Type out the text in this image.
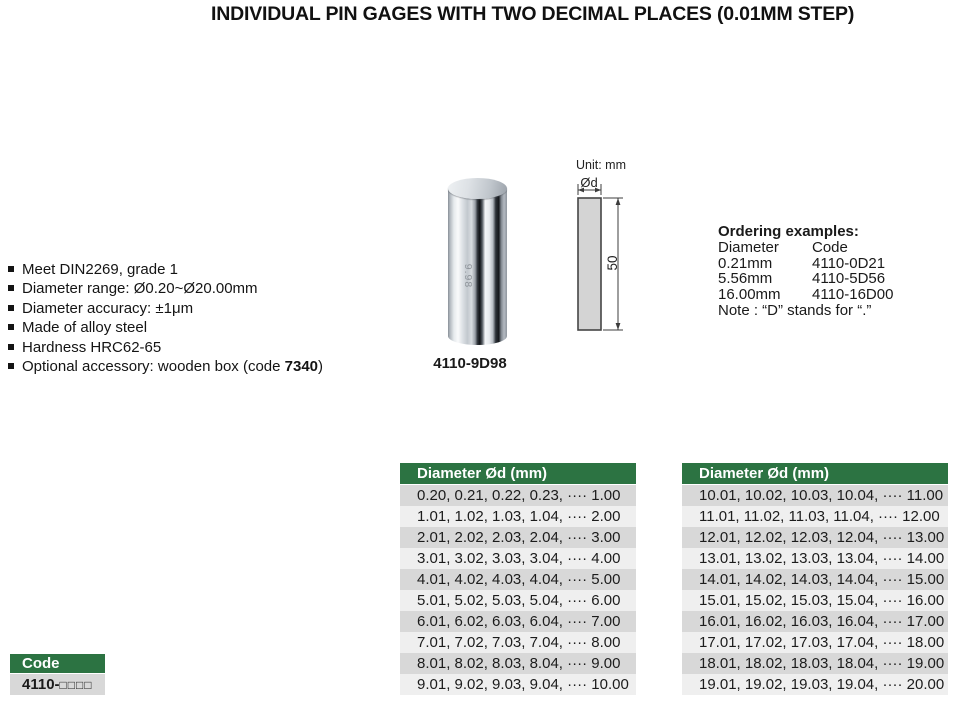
INDIVIDUAL PIN GAGES WITH TWO DECIMAL PLACES (0.01MM STEP)
Meet DIN2269, grade 1
Diameter range: Ø0.20~Ø20.00mm
Diameter accuracy: ±1μm
Made of alloy steel
Hardness HRC62-65
Optional accessory: wooden box (code 7340)
9.98
4110-9D98
Unit: mm
Ød
50
Ordering examples:
Diameter	Code
0.21mm	4110-0D21
5.56mm	4110-5D56
16.00mm	4110-16D00
Note : “D” stands for “.”
Diameter Ød (mm)
0.20, 0.21, 0.22, 0.23, ···· 1.00
1.01, 1.02, 1.03, 1.04, ···· 2.00
2.01, 2.02, 2.03, 2.04, ···· 3.00
3.01, 3.02, 3.03, 3.04, ···· 4.00
4.01, 4.02, 4.03, 4.04, ···· 5.00
5.01, 5.02, 5.03, 5.04, ···· 6.00
6.01, 6.02, 6.03, 6.04, ···· 7.00
7.01, 7.02, 7.03, 7.04, ···· 8.00
8.01, 8.02, 8.03, 8.04, ···· 9.00
9.01, 9.02, 9.03, 9.04, ···· 10.00
Diameter Ød (mm)
10.01, 10.02, 10.03, 10.04, ···· 11.00
11.01, 11.02, 11.03, 11.04, ···· 12.00
12.01, 12.02, 12.03, 12.04, ···· 13.00
13.01, 13.02, 13.03, 13.04, ···· 14.00
14.01, 14.02, 14.03, 14.04, ···· 15.00
15.01, 15.02, 15.03, 15.04, ···· 16.00
16.01, 16.02, 16.03, 16.04, ···· 17.00
17.01, 17.02, 17.03, 17.04, ···· 18.00
18.01, 18.02, 18.03, 18.04, ···· 19.00
19.01, 19.02, 19.03, 19.04, ···· 20.00
Code
4110-□□□□
